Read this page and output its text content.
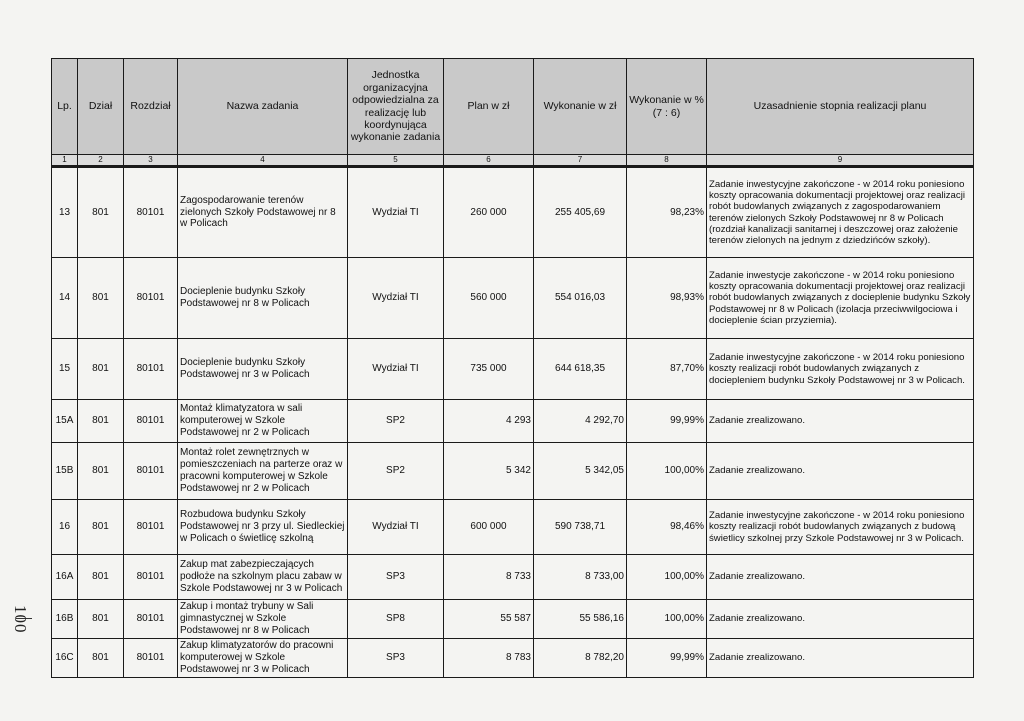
100
Lp.	Dział	Rozdział	Nazwa zadania	Jednostka organizacyjna odpowiedzialna za realizację lub koordynująca wykonanie zadania	Plan w zł	Wykonanie w zł	Wykonanie w % (7 : 6)	Uzasadnienie stopnia realizacji planu
1	2	3	4	5	6	7	8	9
13	801	80101	Zagospodarowanie terenów zielonych Szkoły Podstawowej nr 8 w Policach	Wydział TI	260 000	255 405,69	98,23%	Zadanie inwestycyjne zakończone - w 2014 roku poniesiono koszty opracowania dokumentacji projektowej oraz realizacji robót budowlanych związanych z zagospodarowaniem terenów zielonych Szkoły Podstawowej nr 8 w Policach (rozdział kanalizacji sanitarnej i deszczowej oraz założenie terenów zielonych na jednym z dziedzińców szkoły).
14	801	80101	Docieplenie budynku Szkoły Podstawowej nr 8 w Policach	Wydział TI	560 000	554 016,03	98,93%	Zadanie inwestycje zakończone - w 2014 roku poniesiono koszty opracowania dokumentacji projektowej oraz realizacji robót budowlanych związanych z docieplenie budynku Szkoły Podstawowej nr 8 w Policach (izolacja przeciwwilgociowa i docieplenie ścian przyziemia).
15	801	80101	Docieplenie budynku Szkoły Podstawowej nr 3 w Policach	Wydział TI	735 000	644 618,35	87,70%	Zadanie inwestycyjne zakończone - w 2014 roku poniesiono koszty realizacji robót budowlanych związanych z dociepleniem budynku Szkoły Podstawowej nr 3 w Policach.
15A	801	80101	Montaż klimatyzatora w sali komputerowej w Szkole Podstawowej nr 2 w Policach	SP2	4 293	4 292,70	99,99%	Zadanie zrealizowano.
15B	801	80101	Montaż rolet zewnętrznych w pomieszczeniach na parterze oraz w pracowni komputerowej w Szkole Podstawowej nr 2 w Policach	SP2	5 342	5 342,05	100,00%	Zadanie zrealizowano.
16	801	80101	Rozbudowa budynku Szkoły Podstawowej nr 3 przy ul. Siedleckiej w Policach o świetlicę szkolną	Wydział TI	600 000	590 738,71	98,46%	Zadanie inwestycyjne zakończone - w 2014 roku poniesiono koszty realizacji robót budowlanych związanych z budową świetlicy szkolnej przy Szkole Podstawowej nr 3 w Policach.
16A	801	80101	Zakup mat zabezpieczających podłoże na szkolnym placu zabaw w Szkole Podstawowej nr 3 w Policach	SP3	8 733	8 733,00	100,00%	Zadanie zrealizowano.
16B	801	80101	Zakup i montaż trybuny w Sali gimnastycznej w Szkole Podstawowej nr 8 w Policach	SP8	55 587	55 586,16	100,00%	Zadanie zrealizowano.
16C	801	80101	Zakup klimatyzatorów do pracowni komputerowej w Szkole Podstawowej nr 3 w Policach	SP3	8 783	8 782,20	99,99%	Zadanie zrealizowano.
